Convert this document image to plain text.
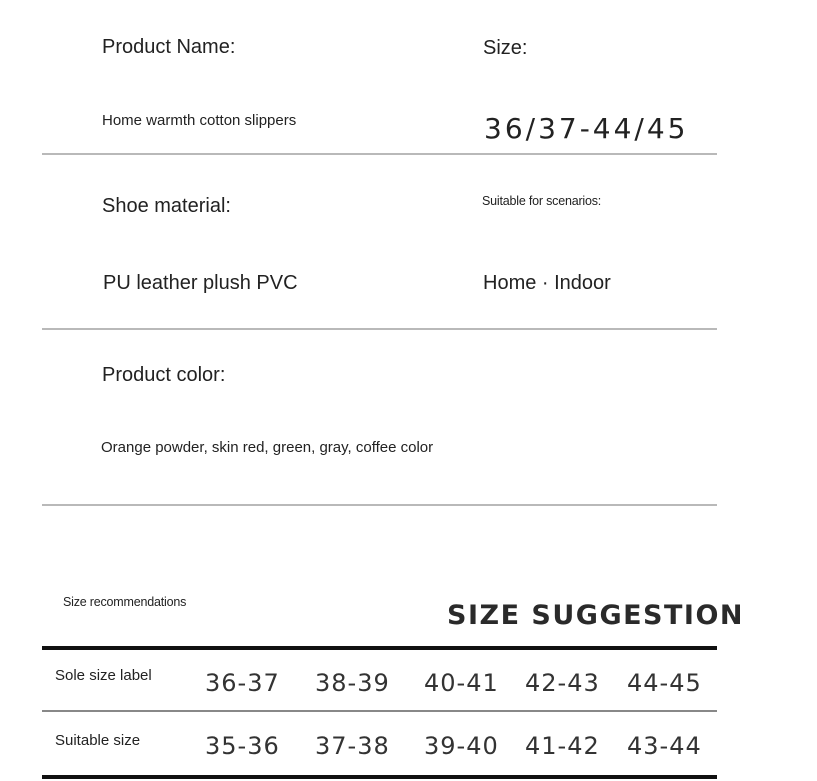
Product Name:	Size:
Home warmth cotton slippers	36/37-44/45
Shoe material:	Suitable for scenarios:
PU leather plush PVC	Home · Indoor
Product color:
Orange powder, skin red, green, gray, coffee color
Size recommendations	SIZE SUGGESTION
Sole size label 36-37 38-39 40-41 42-43 44-45
Suitable size	35-36 37-38 39-40 41-42 43-44
